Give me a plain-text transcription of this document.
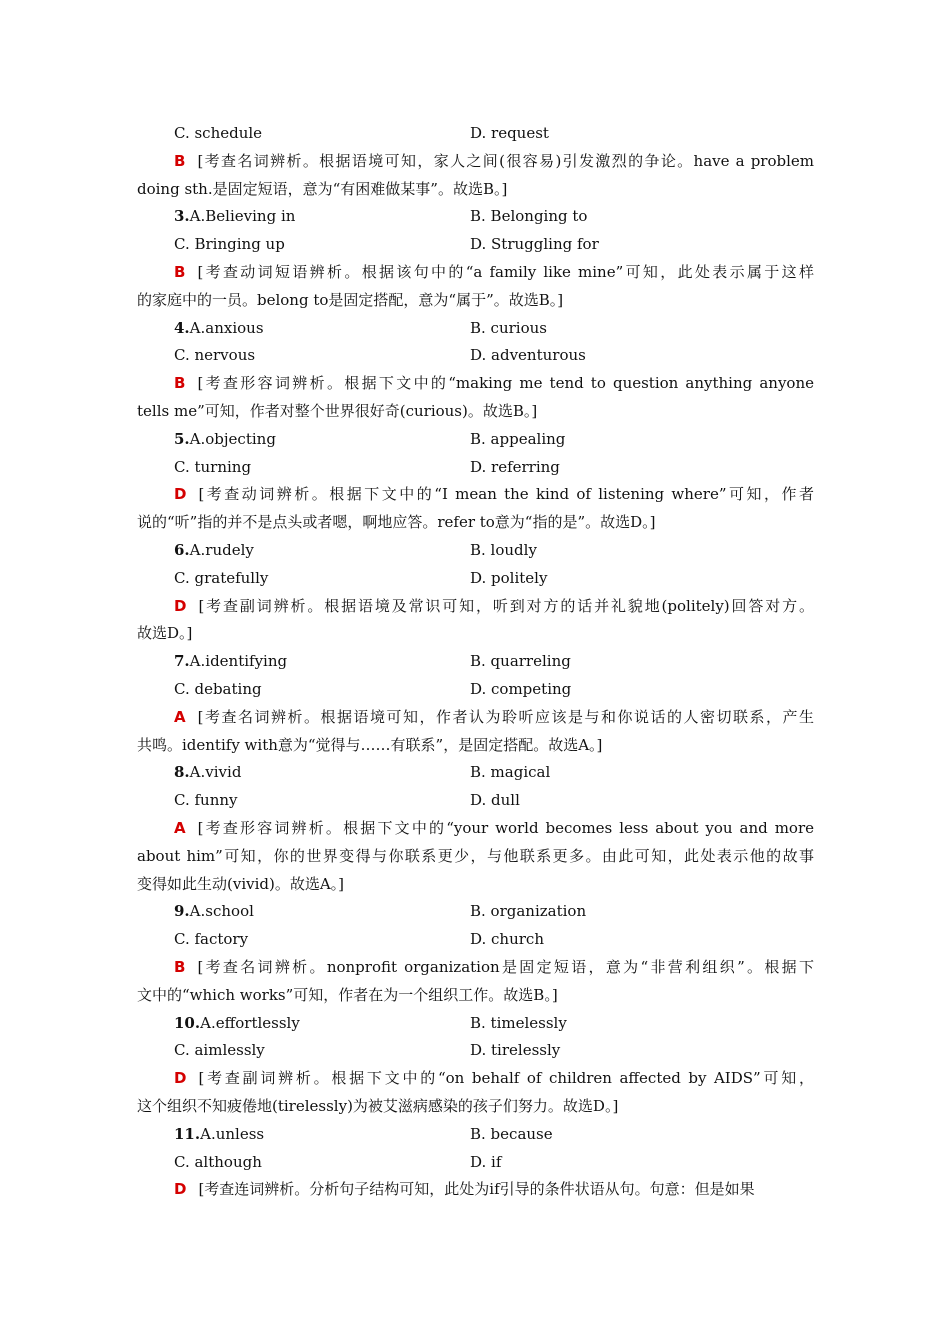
C. schedule	D. request
B [考查名词辨析。根据语境可知，家人之间(很容易)引发激烈的争论。have a problem
doing sth.是固定短语，意为“有困难做某事”。故选B。]
3.A.Believing in	B. Belonging to
C. Bringing up	D. Struggling for
B [考查动词短语辨析。根据该句中的“a family like mine”可知，此处表示属于这样
的家庭中的一员。belong to是固定搭配，意为“属于”。故选B。]
4.A.anxious	B. curious
C. nervous	D. adventurous
B [考查形容词辨析。根据下文中的“making me tend to question anything anyone
tells me”可知，作者对整个世界很好奇(curious)。故选B。]
5.A.objecting	B. appealing
C. turning	D. referring
D [考查动词辨析。根据下文中的“I mean the kind of listening where”可知，作者
说的“听”指的并不是点头或者嗯，啊地应答。refer to意为“指的是”。故选D。]
6.A.rudely	B. loudly
C. gratefully	D. politely
D [考查副词辨析。根据语境及常识可知，听到对方的话并礼貌地(politely)回答对方。
故选D。]
7.A.identifying	B. quarreling
C. debating	D. competing
A [考查名词辨析。根据语境可知，作者认为聆听应该是与和你说话的人密切联系，产生
共鸣。identify with意为“觉得与……有联系”，是固定搭配。故选A。]
8.A.vivid	B. magical
C. funny	D. dull
A [考查形容词辨析。根据下文中的“your world becomes less about you and more
about him”可知，你的世界变得与你联系更少，与他联系更多。由此可知，此处表示他的故事
变得如此生动(vivid)。故选A。]
9.A.school	B. organization
C. factory	D. church
B [考查名词辨析。nonprofit organization是固定短语，意为“非营利组织”。根据下
文中的“which works”可知，作者在为一个组织工作。故选B。]
10.A.effortlessly	B. timelessly
C. aimlessly	D. tirelessly
D [考查副词辨析。根据下文中的“on behalf of children affected by AIDS”可知，
这个组织不知疲倦地(tirelessly)为被艾滋病感染的孩子们努力。故选D。]
11.A.unless	B. because
C. although	D. if
D [考查连词辨析。分析句子结构可知，此处为if引导的条件状语从句。句意：但是如果
